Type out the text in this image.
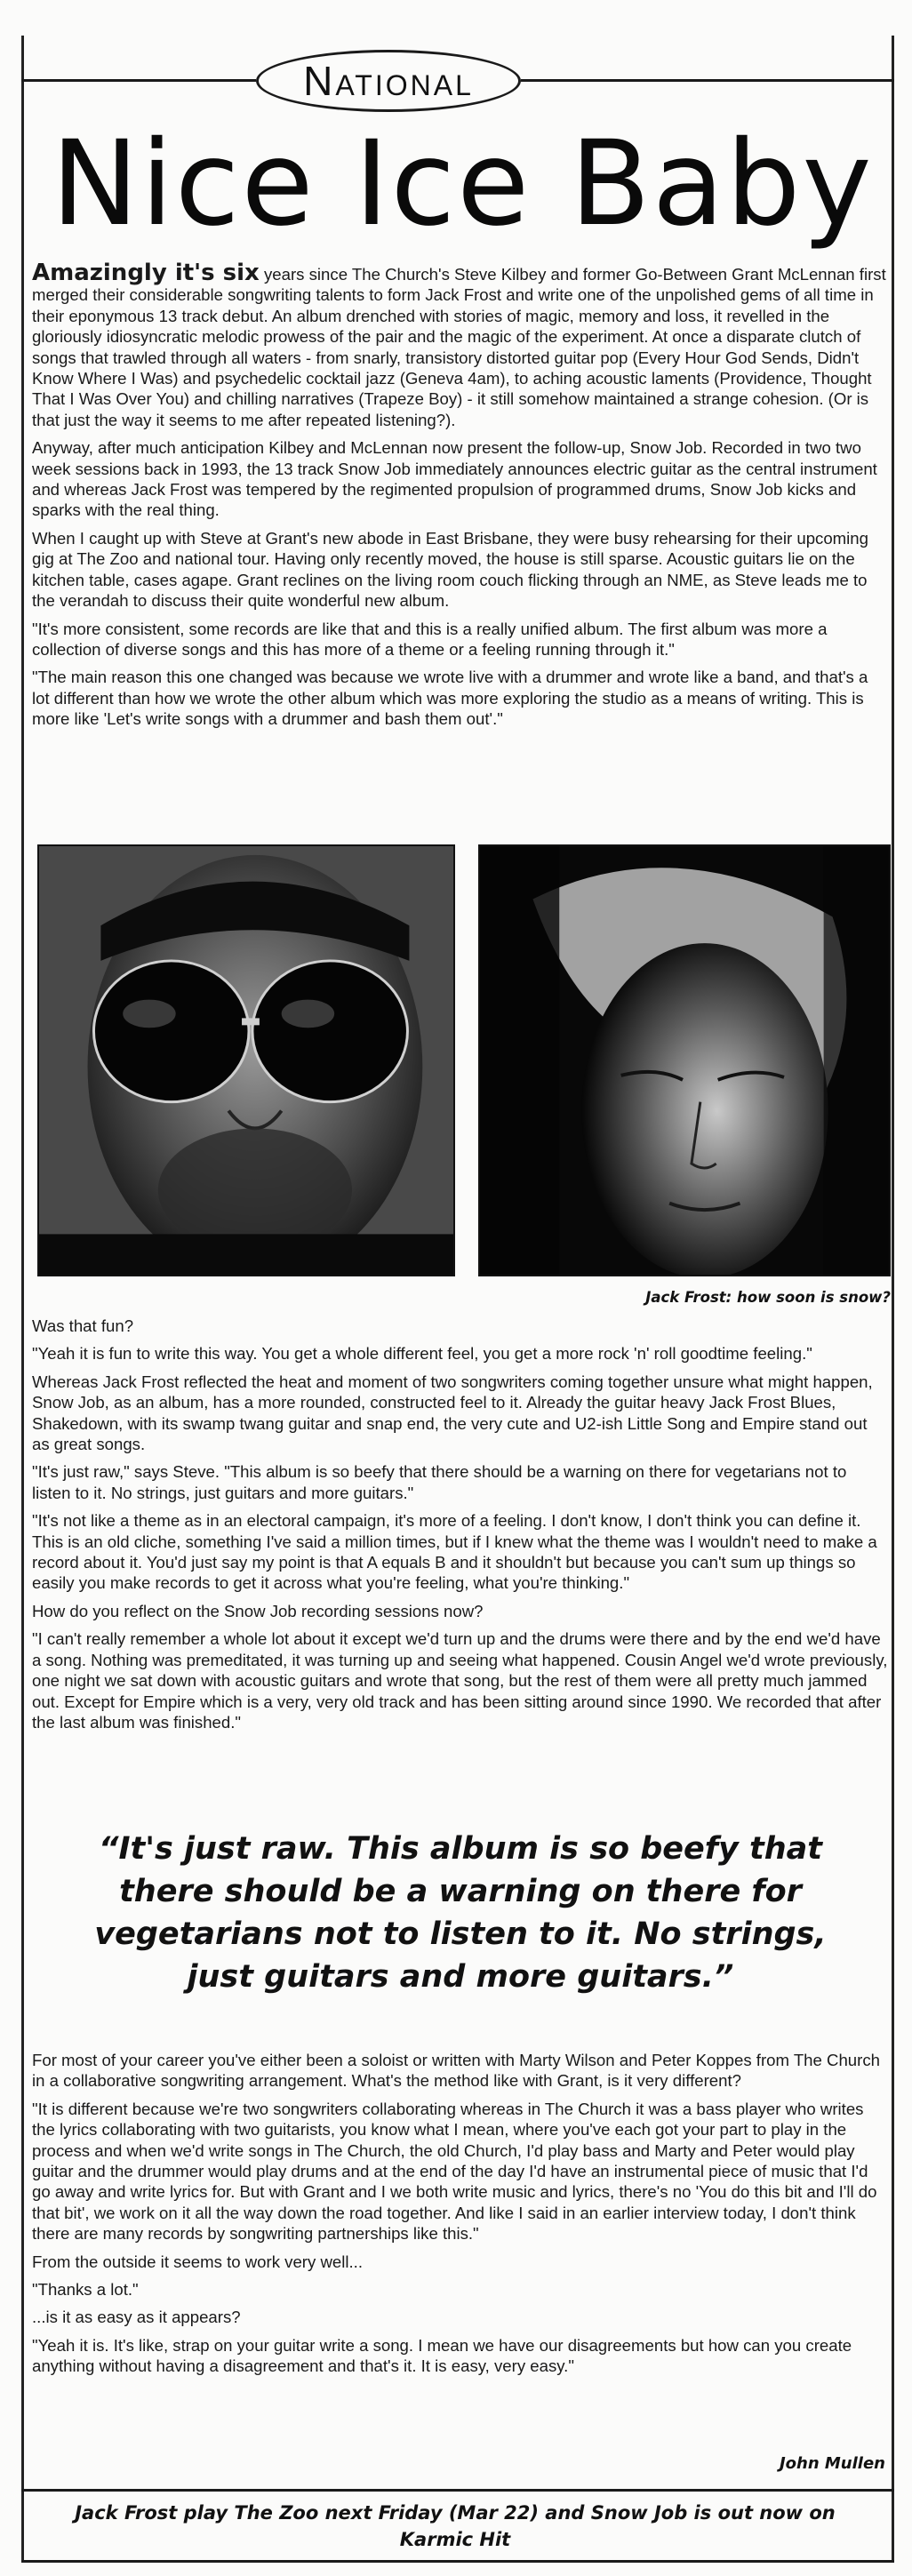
National
Nice Ice Baby

Amazingly it's six years since The Church's Steve Kilbey and former Go-Between Grant McLennan first merged their considerable songwriting talents to form Jack Frost and write one of the unpolished gems of all time in their eponymous 13 track debut. An album drenched with stories of magic, memory and loss, it revelled in the gloriously idiosyncratic melodic prowess of the pair and the magic of the experiment. At once a disparate clutch of songs that trawled through all waters - from snarly, transistory distorted guitar pop (Every Hour God Sends, Didn't Know Where I Was) and psychedelic cocktail jazz (Geneva 4am), to aching acoustic laments (Providence, Thought That I Was Over You) and chilling narratives (Trapeze Boy) - it still somehow maintained a strange cohesion. (Or is that just the way it seems to me after repeated listening?).

Anyway, after much anticipation Kilbey and McLennan now present the follow-up, Snow Job. Recorded in two two week sessions back in 1993, the 13 track Snow Job immediately announces electric guitar as the central instrument and whereas Jack Frost was tempered by the regimented propulsion of programmed drums, Snow Job kicks and sparks with the real thing.

When I caught up with Steve at Grant's new abode in East Brisbane, they were busy rehearsing for their upcoming gig at The Zoo and national tour. Having only recently moved, the house is still sparse. Acoustic guitars lie on the kitchen table, cases agape. Grant reclines on the living room couch flicking through an NME, as Steve leads me to the verandah to discuss their quite wonderful new album.

"It's more consistent, some records are like that and this is a really unified album. The first album was more a collection of diverse songs and this has more of a theme or a feeling running through it."

"The main reason this one changed was because we wrote live with a drummer and wrote like a band, and that's a lot different than how we wrote the other album which was more exploring the studio as a means of writing. This is more like 'Let's write songs with a drummer and bash them out'."

Jack Frost: how soon is snow?

Was that fun?

"Yeah it is fun to write this way. You get a whole different feel, you get a more rock 'n' roll goodtime feeling."

Whereas Jack Frost reflected the heat and moment of two songwriters coming together unsure what might happen, Snow Job, as an album, has a more rounded, constructed feel to it. Already the guitar heavy Jack Frost Blues, Shakedown, with its swamp twang guitar and snap end, the very cute and U2-ish Little Song and Empire stand out as great songs.

"It's just raw," says Steve. "This album is so beefy that there should be a warning on there for vegetarians not to listen to it. No strings, just guitars and more guitars."

"It's not like a theme as in an electoral campaign, it's more of a feeling. I don't know, I don't think you can define it. This is an old cliche, something I've said a million times, but if I knew what the theme was I wouldn't need to make a record about it. You'd just say my point is that A equals B and it shouldn't but because you can't sum up things so easily you make records to get it across what you're feeling, what you're thinking."

How do you reflect on the Snow Job recording sessions now?

"I can't really remember a whole lot about it except we'd turn up and the drums were there and by the end we'd have a song. Nothing was premeditated, it was turning up and seeing what happened. Cousin Angel we'd wrote previously, one night we sat down with acoustic guitars and wrote that song, but the rest of them were all pretty much jammed out. Except for Empire which is a very, very old track and has been sitting around since 1990. We recorded that after the last album was finished."

“It's just raw. This album is so beefy that there should be a warning on there for vegetarians not to listen to it. No strings, just guitars and more guitars.”

For most of your career you've either been a soloist or written with Marty Wilson and Peter Koppes from The Church in a collaborative songwriting arrangement. What's the method like with Grant, is it very different?

"It is different because we're two songwriters collaborating whereas in The Church it was a bass player who writes the lyrics collaborating with two guitarists, you know what I mean, where you've each got your part to play in the process and when we'd write songs in The Church, the old Church, I'd play bass and Marty and Peter would play guitar and the drummer would play drums and at the end of the day I'd have an instrumental piece of music that I'd go away and write lyrics for. But with Grant and I we both write music and lyrics, there's no 'You do this bit and I'll do that bit', we work on it all the way down the road together. And like I said in an earlier interview today, I don't think there are many records by songwriting partnerships like this."

From the outside it seems to work very well...

"Thanks a lot."

...is it as easy as it appears?

"Yeah it is. It's like, strap on your guitar write a song. I mean we have our disagreements but how can you create anything without having a disagreement and that's it. It is easy, very easy."

John Mullen
Jack Frost play The Zoo next Friday (Mar 22) and Snow Job is out now on Karmic Hit
